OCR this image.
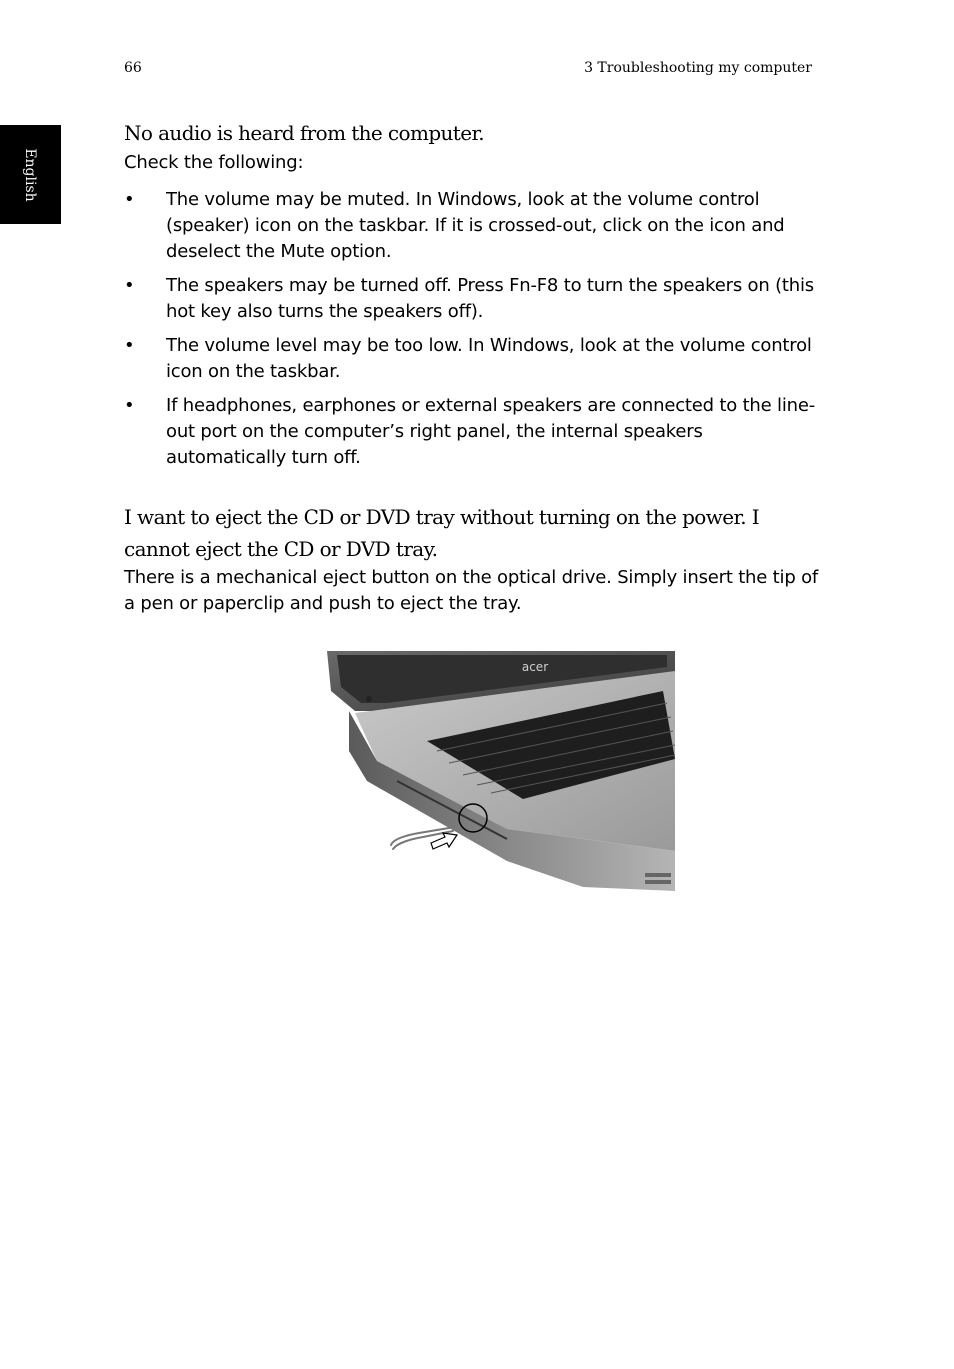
66	3 Troubleshooting my computer
English
No audio is heard from the computer.

Check the following:

•	The volume may be muted. In Windows, look at the volume control (speaker) icon on the taskbar. If it is crossed-out, click on the icon and deselect the Mute option.
•	The speakers may be turned off. Press Fn-F8 to turn the speakers on (this hot key also turns the speakers off).
•	The volume level may be too low. In Windows, look at the volume control icon on the taskbar.
•	If headphones, earphones or external speakers are connected to the line-out port on the computer’s right panel, the internal speakers automatically turn off.
I want to eject the CD or DVD tray without turning on the power. I cannot eject the CD or DVD tray.

There is a mechanical eject button on the optical drive. Simply insert the tip of a pen or paperclip and push to eject the tray.

acer
